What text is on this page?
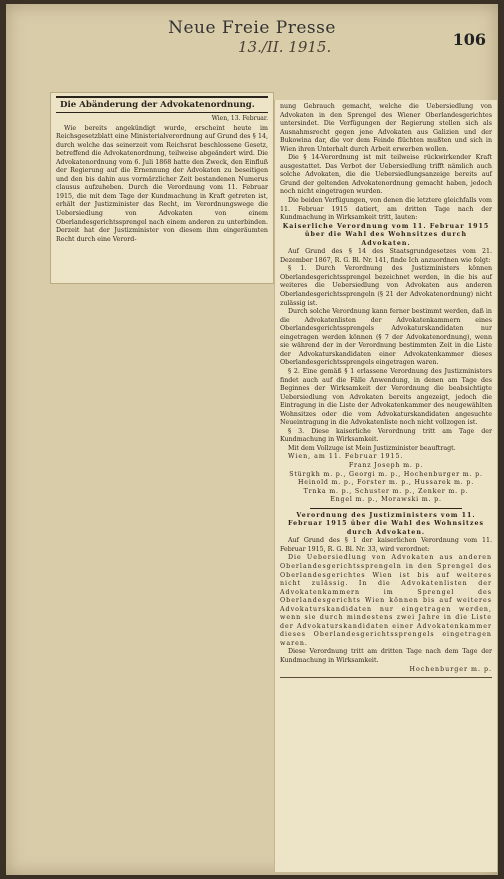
Neue Freie Presse
13./II. 1915.	106
Die Abänderung der Advokatenordnung.
Wien, 13. Februar.

Wie bereits angekündigt wurde, erscheint heute im Reichsgesetzblatt eine Ministerialverordnung auf Grund des § 14, durch welche das seinerzeit vom Reichsrat beschlossene Gesetz, betreffend die Advokatenordnung, teilweise abgeändert wird. Die Advokatenordnung vom 6. Juli 1868 hatte den Zweck, den Einfluß der Regierung auf die Ernennung der Advokaten zu beseitigen und den bis dahin aus vormärzlicher Zeit bestandenen Numerus clausus aufzuheben. Durch die Verordnung vom 11. Februar 1915, die mit dem Tage der Kundmachung in Kraft getreten ist, erhält der Justizminister das Recht, im Verordnungswege die Uebersiedlung von Advokaten von einem Oberlandesgerichtssprengel nach einem anderen zu unterbinden. Derzeit hat der Justizminister von diesem ihm eingeräumten Recht durch eine Verord-

nung Gebrauch gemacht, welche die Uebersiedlung von Advokaten in den Sprengel des Wiener Oberlandesgerichtes untersindet. Die Verfügungen der Regierung stellen sich als Ausnahmsrecht gegen jene Advokaten aus Galizien und der Bukowina dar, die vor dem Feinde flüchten mußten und sich in Wien ihren Unterhalt durch Arbeit erwerben wollen.

Die § 14-Verordnung ist mit teilweise rückwirkender Kraft ausgestattet. Das Verbot der Uebersiedlung trifft nämlich auch solche Advokaten, die die Uebersiedlungsanzeige bereits auf Grund der geltenden Advokatenordnung gemacht haben, jedoch noch nicht eingetragen wurden.

Die beiden Verfügungen, von denen die letztere gleichfalls vom 11. Februar 1915 datiert, am dritten Tage nach der Kundmachung in Wirksamkeit tritt, lauten:

Kaiserliche Verordnung vom 11. Februar 1915 über die Wahl des Wohnsitzes durch Advokaten.

Auf Grund des § 14 des Staatsgrundgesetzes vom 21. Dezember 1867, R. G. Bl. Nr. 141, finde Ich anzuordnen wie folgt:

§ 1. Durch Verordnung des Justizministers können Oberlandesgerichtssprengel bezeichnet werden, in die bis auf weiteres die Uebersiedlung von Advokaten aus anderen Oberlandesgerichtssprengeln (§ 21 der Advokatenordnung) nicht zulässig ist.

Durch solche Verordnung kann ferner bestimmt werden, daß in die Advokatenlisten der Advokatenkammern eines Oberlandesgerichtssprengels Advokaturskandidaten nur eingetragen werden können (§ 7 der Advokatenordnung), wenn sie während der in der Verordnung bestimmten Zeit in die Liste der Advokaturskandidaten einer Advokatenkammer dieses Oberlandesgerichtssprengels eingetragen waren.

§ 2. Eine gemäß § 1 erlassene Verordnung des Justizministers findet auch auf die Fälle Anwendung, in denen am Tage des Beginnes der Wirksamkeit der Verordnung die beabsichtigte Uebersiedlung von Advokaten bereits angezeigt, jedoch die Eintragung in die Liste der Advokatenkammer des neugewählten Wohnsitzes oder die vom Advokaturskandidaten angesuchte Neueintragung in die Advokatenliste noch nicht vollzogen ist.

§ 3. Diese kaiserliche Verordnung tritt am Tage der Kundmachung in Wirksamkeit.

Mit dem Vollzuge ist Mein Justizminister beauftragt.

Wien, am 11. Februar 1915.

Franz Joseph m. p.

Stürgkh m. p., Georgi m. p., Hochenburger m. p.

Heinold m. p., Forster m. p., Hussarek m. p.

Trnka m. p., Schuster m. p., Zenker m. p.

Engel m. p., Morawski m. p.

Verordnung des Justizministers vom 11. Februar 1915 über die Wahl des Wohnsitzes durch Advokaten.

Auf Grund des § 1 der kaiserlichen Verordnung vom 11. Februar 1915, R. G. Bl. Nr. 33, wird verordnet:

Die Uebersiedlung von Advokaten aus anderen Oberlandesgerichtssprengeln in den Sprengel des Oberlandesgerichtes Wien ist bis auf weiteres nicht zulässig. In die Advokatenlisten der Advokatenkammern im Sprengel des Oberlandesgerichts Wien können bis auf weiteres Advokaturskandidaten nur eingetragen werden, wenn sie durch mindestens zwei Jahre in die Liste der Advokaturskandidaten einer Advokatenkammer dieses Oberlandesgerichtssprengels eingetragen waren.

Diese Verordnung tritt am dritten Tage nach dem Tage der Kundmachung in Wirksamkeit.

Hochenburger m. p.
